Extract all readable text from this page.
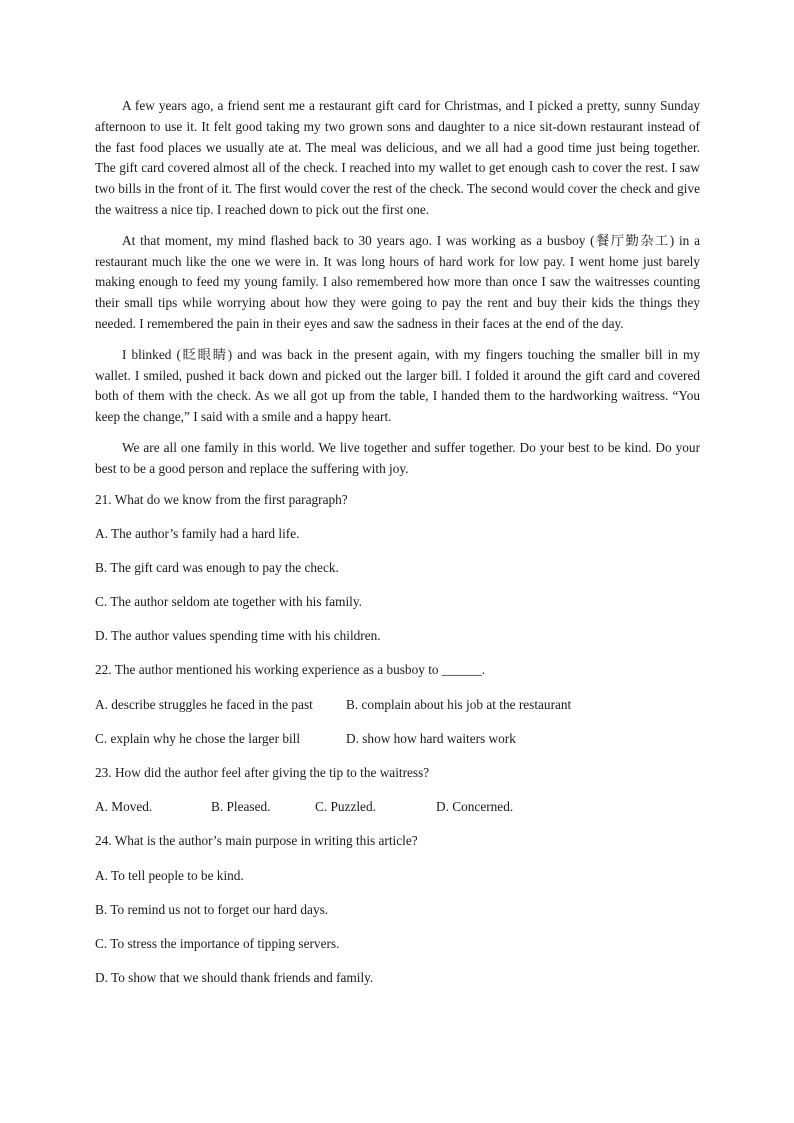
A few years ago, a friend sent me a restaurant gift card for Christmas, and I picked a pretty, sunny Sunday afternoon to use it. It felt good taking my two grown sons and daughter to a nice sit-down restaurant instead of the fast food places we usually ate at. The meal was delicious, and we all had a good time just being together. The gift card covered almost all of the check. I reached into my wallet to get enough cash to cover the rest. I saw two bills in the front of it. The first would cover the rest of the check. The second would cover the check and give the waitress a nice tip. I reached down to pick out the first one.

At that moment, my mind flashed back to 30 years ago. I was working as a busboy (餐厅勤杂工) in a restaurant much like the one we were in. It was long hours of hard work for low pay. I went home just barely making enough to feed my young family. I also remembered how more than once I saw the waitresses counting their small tips while worrying about how they were going to pay the rent and buy their kids the things they needed. I remembered the pain in their eyes and saw the sadness in their faces at the end of the day.

I blinked (眨眼睛) and was back in the present again, with my fingers touching the smaller bill in my wallet. I smiled, pushed it back down and picked out the larger bill. I folded it around the gift card and covered both of them with the check. As we all got up from the table, I handed them to the hardworking waitress. “You keep the change,” I said with a smile and a happy heart.

We are all one family in this world. We live together and suffer together. Do your best to be kind. Do your best to be a good person and replace the suffering with joy.

21. What do we know from the first paragraph?
A. The author’s family had a hard life.
B. The gift card was enough to pay the check.
C. The author seldom ate together with his family.
D. The author values spending time with his children.
22. The author mentioned his working experience as a busboy to ______.
A. describe struggles he faced in the past B. complain about his job at the restaurant
C. explain why he chose the larger bill	D. show how hard waiters work
23. How did the author feel after giving the tip to the waitress?
A. Moved.	B. Pleased.	C. Puzzled.	D. Concerned.
24. What is the author’s main purpose in writing this article?
A. To tell people to be kind.
B. To remind us not to forget our hard days.
C. To stress the importance of tipping servers.
D. To show that we should thank friends and family.
